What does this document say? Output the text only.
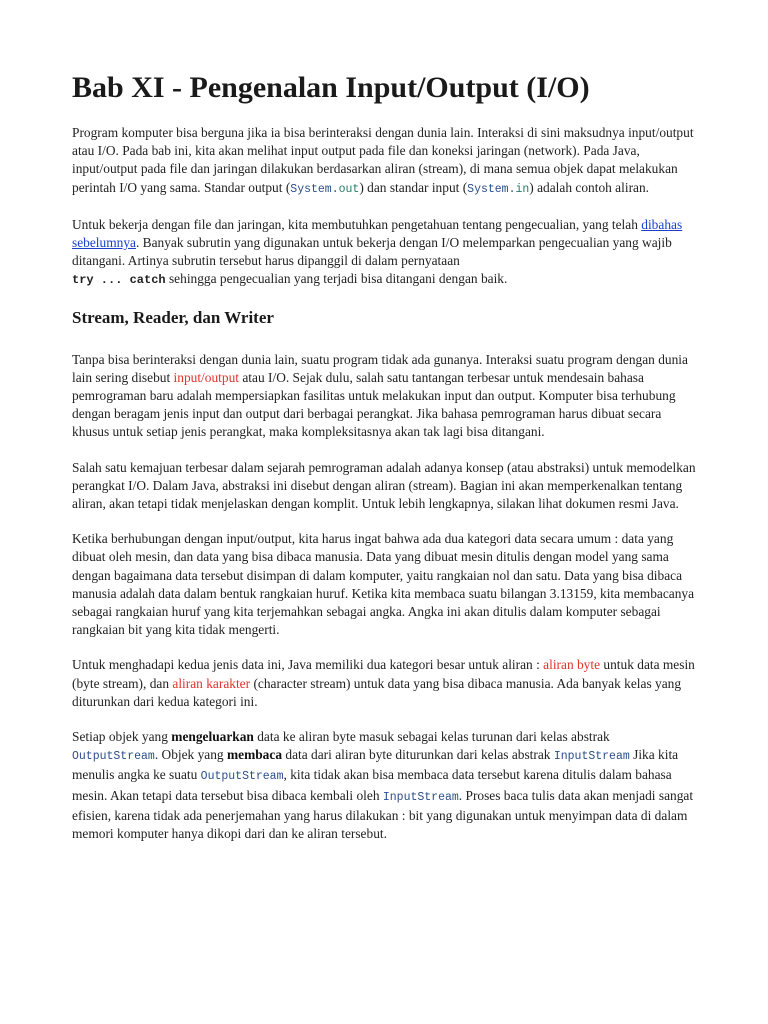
Bab XI - Pengenalan Input/Output (I/O)

Program komputer bisa berguna jika ia bisa berinteraksi dengan dunia lain. Interaksi di sini maksudnya input/output atau I/O. Pada bab ini, kita akan melihat input output pada file dan koneksi jaringan (network). Pada Java, input/output pada file dan jaringan dilakukan berdasarkan aliran (stream), di mana semua objek dapat melakukan perintah I/O yang sama. Standar output (System.out) dan standar input (System.in) adalah contoh aliran.

Untuk bekerja dengan file dan jaringan, kita membutuhkan pengetahuan tentang pengecualian, yang telah dibahas sebelumnya. Banyak subrutin yang digunakan untuk bekerja dengan I/O melemparkan pengecualian yang wajib ditangani. Artinya subrutin tersebut harus dipanggil di dalam pernyataan
try ... catch sehingga pengecualian yang terjadi bisa ditangani dengan baik.

Stream, Reader, dan Writer

Tanpa bisa berinteraksi dengan dunia lain, suatu program tidak ada gunanya. Interaksi suatu program dengan dunia lain sering disebut input/output atau I/O. Sejak dulu, salah satu tantangan terbesar untuk mendesain bahasa pemrograman baru adalah mempersiapkan fasilitas untuk melakukan input dan output. Komputer bisa terhubung dengan beragam jenis input dan output dari berbagai perangkat. Jika bahasa pemrograman harus dibuat secara khusus untuk setiap jenis perangkat, maka kompleksitasnya akan tak lagi bisa ditangani.

Salah satu kemajuan terbesar dalam sejarah pemrograman adalah adanya konsep (atau abstraksi) untuk memodelkan perangkat I/O. Dalam Java, abstraksi ini disebut dengan aliran (stream). Bagian ini akan memperkenalkan tentang aliran, akan tetapi tidak menjelaskan dengan komplit. Untuk lebih lengkapnya, silakan lihat dokumen resmi Java.

Ketika berhubungan dengan input/output, kita harus ingat bahwa ada dua kategori data secara umum : data yang dibuat oleh mesin, dan data yang bisa dibaca manusia. Data yang dibuat mesin ditulis dengan model yang sama dengan bagaimana data tersebut disimpan di dalam komputer, yaitu rangkaian nol dan satu. Data yang bisa dibaca manusia adalah data dalam bentuk rangkaian huruf. Ketika kita membaca suatu bilangan 3.13159, kita membacanya sebagai rangkaian huruf yang kita terjemahkan sebagai angka. Angka ini akan ditulis dalam komputer sebagai rangkaian bit yang kita tidak mengerti.

Untuk menghadapi kedua jenis data ini, Java memiliki dua kategori besar untuk aliran : aliran byte untuk data mesin (byte stream), dan aliran karakter (character stream) untuk data yang bisa dibaca manusia. Ada banyak kelas yang diturunkan dari kedua kategori ini.

Setiap objek yang mengeluarkan data ke aliran byte masuk sebagai kelas turunan dari kelas abstrak
OutputStream. Objek yang membaca data dari aliran byte diturunkan dari kelas abstrak InputStream Jika kita menulis angka ke suatu OutputStream, kita tidak akan bisa membaca data tersebut karena ditulis dalam bahasa mesin. Akan tetapi data tersebut bisa dibaca kembali oleh InputStream. Proses baca tulis data akan menjadi sangat efisien, karena tidak ada penerjemahan yang harus dilakukan : bit yang digunakan untuk menyimpan data di dalam memori komputer hanya dikopi dari dan ke aliran tersebut.
